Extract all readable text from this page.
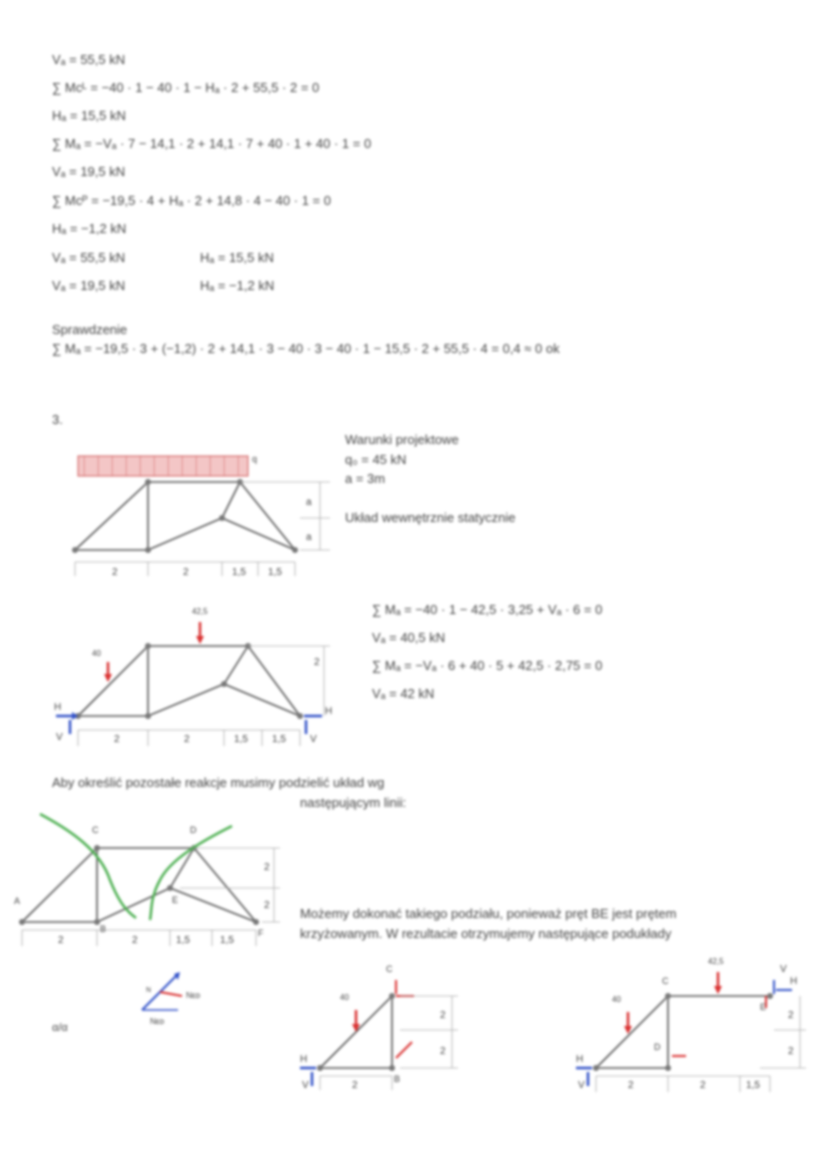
Vₐ = 55,5 kN
∑ Mᴄᴸ = −40 · 1 − 40 · 1 − Hₐ · 2 + 55,5 · 2 = 0
Hₐ = 15,5 kN
∑ Mₐ = −Vₐ · 7 − 14,1 · 2 + 14,1 · 7 + 40 · 1 + 40 · 1 = 0
Vₐ = 19,5 kN
∑ Mᴄᴾ = −19,5 · 4 + Hₐ · 2 + 14,8 · 4 − 40 · 1 = 0
Hₐ = −1,2 kN
Vₐ = 55,5 kN	Hₐ = 15,5 kN
Vₐ = 19,5 kN	Hₐ = −1,2 kN
Sprawdzenie
∑ Mₐ = −19,5 · 3 + (−1,2) · 2 + 14,1 · 3 − 40 · 3 − 40 · 1 − 15,5 · 2 + 55,5 · 4 = 0,4 ≈ 0 ok
3.
Warunki projektowe
q₀ = 45 kN
a = 3m
Układ wewnętrznie statycznie
∑ Mₐ = −40 · 1 − 42,5 · 3,25 + Vₐ · 6 = 0
Vₐ = 40,5 kN
∑ Mₐ = −Vₐ · 6 + 40 · 5 + 42,5 · 2,75 = 0
Vₐ = 42 kN
Aby określić pozostałe reakcje musimy podzielić układ wg
następującym linii:
Możemy dokonać takiego podziału, ponieważ pręt BE jest prętem
krzyżowanym. W rezultacie otrzymujemy następujące podukłady
α/α
q
2	2	1,5 1,5
a
a
42,5
40
H
V
H
V
2	2	1,5 1,5
2
A
B
C	D
E
F
2	2	1,5	1,5
2
2
Nᴇᴅ
Nᴇᴅ
N
40
H
V
C
B
2
2
2
42,5
40
C
H
V
D
E
H
V
2	2	1,5
2
2
